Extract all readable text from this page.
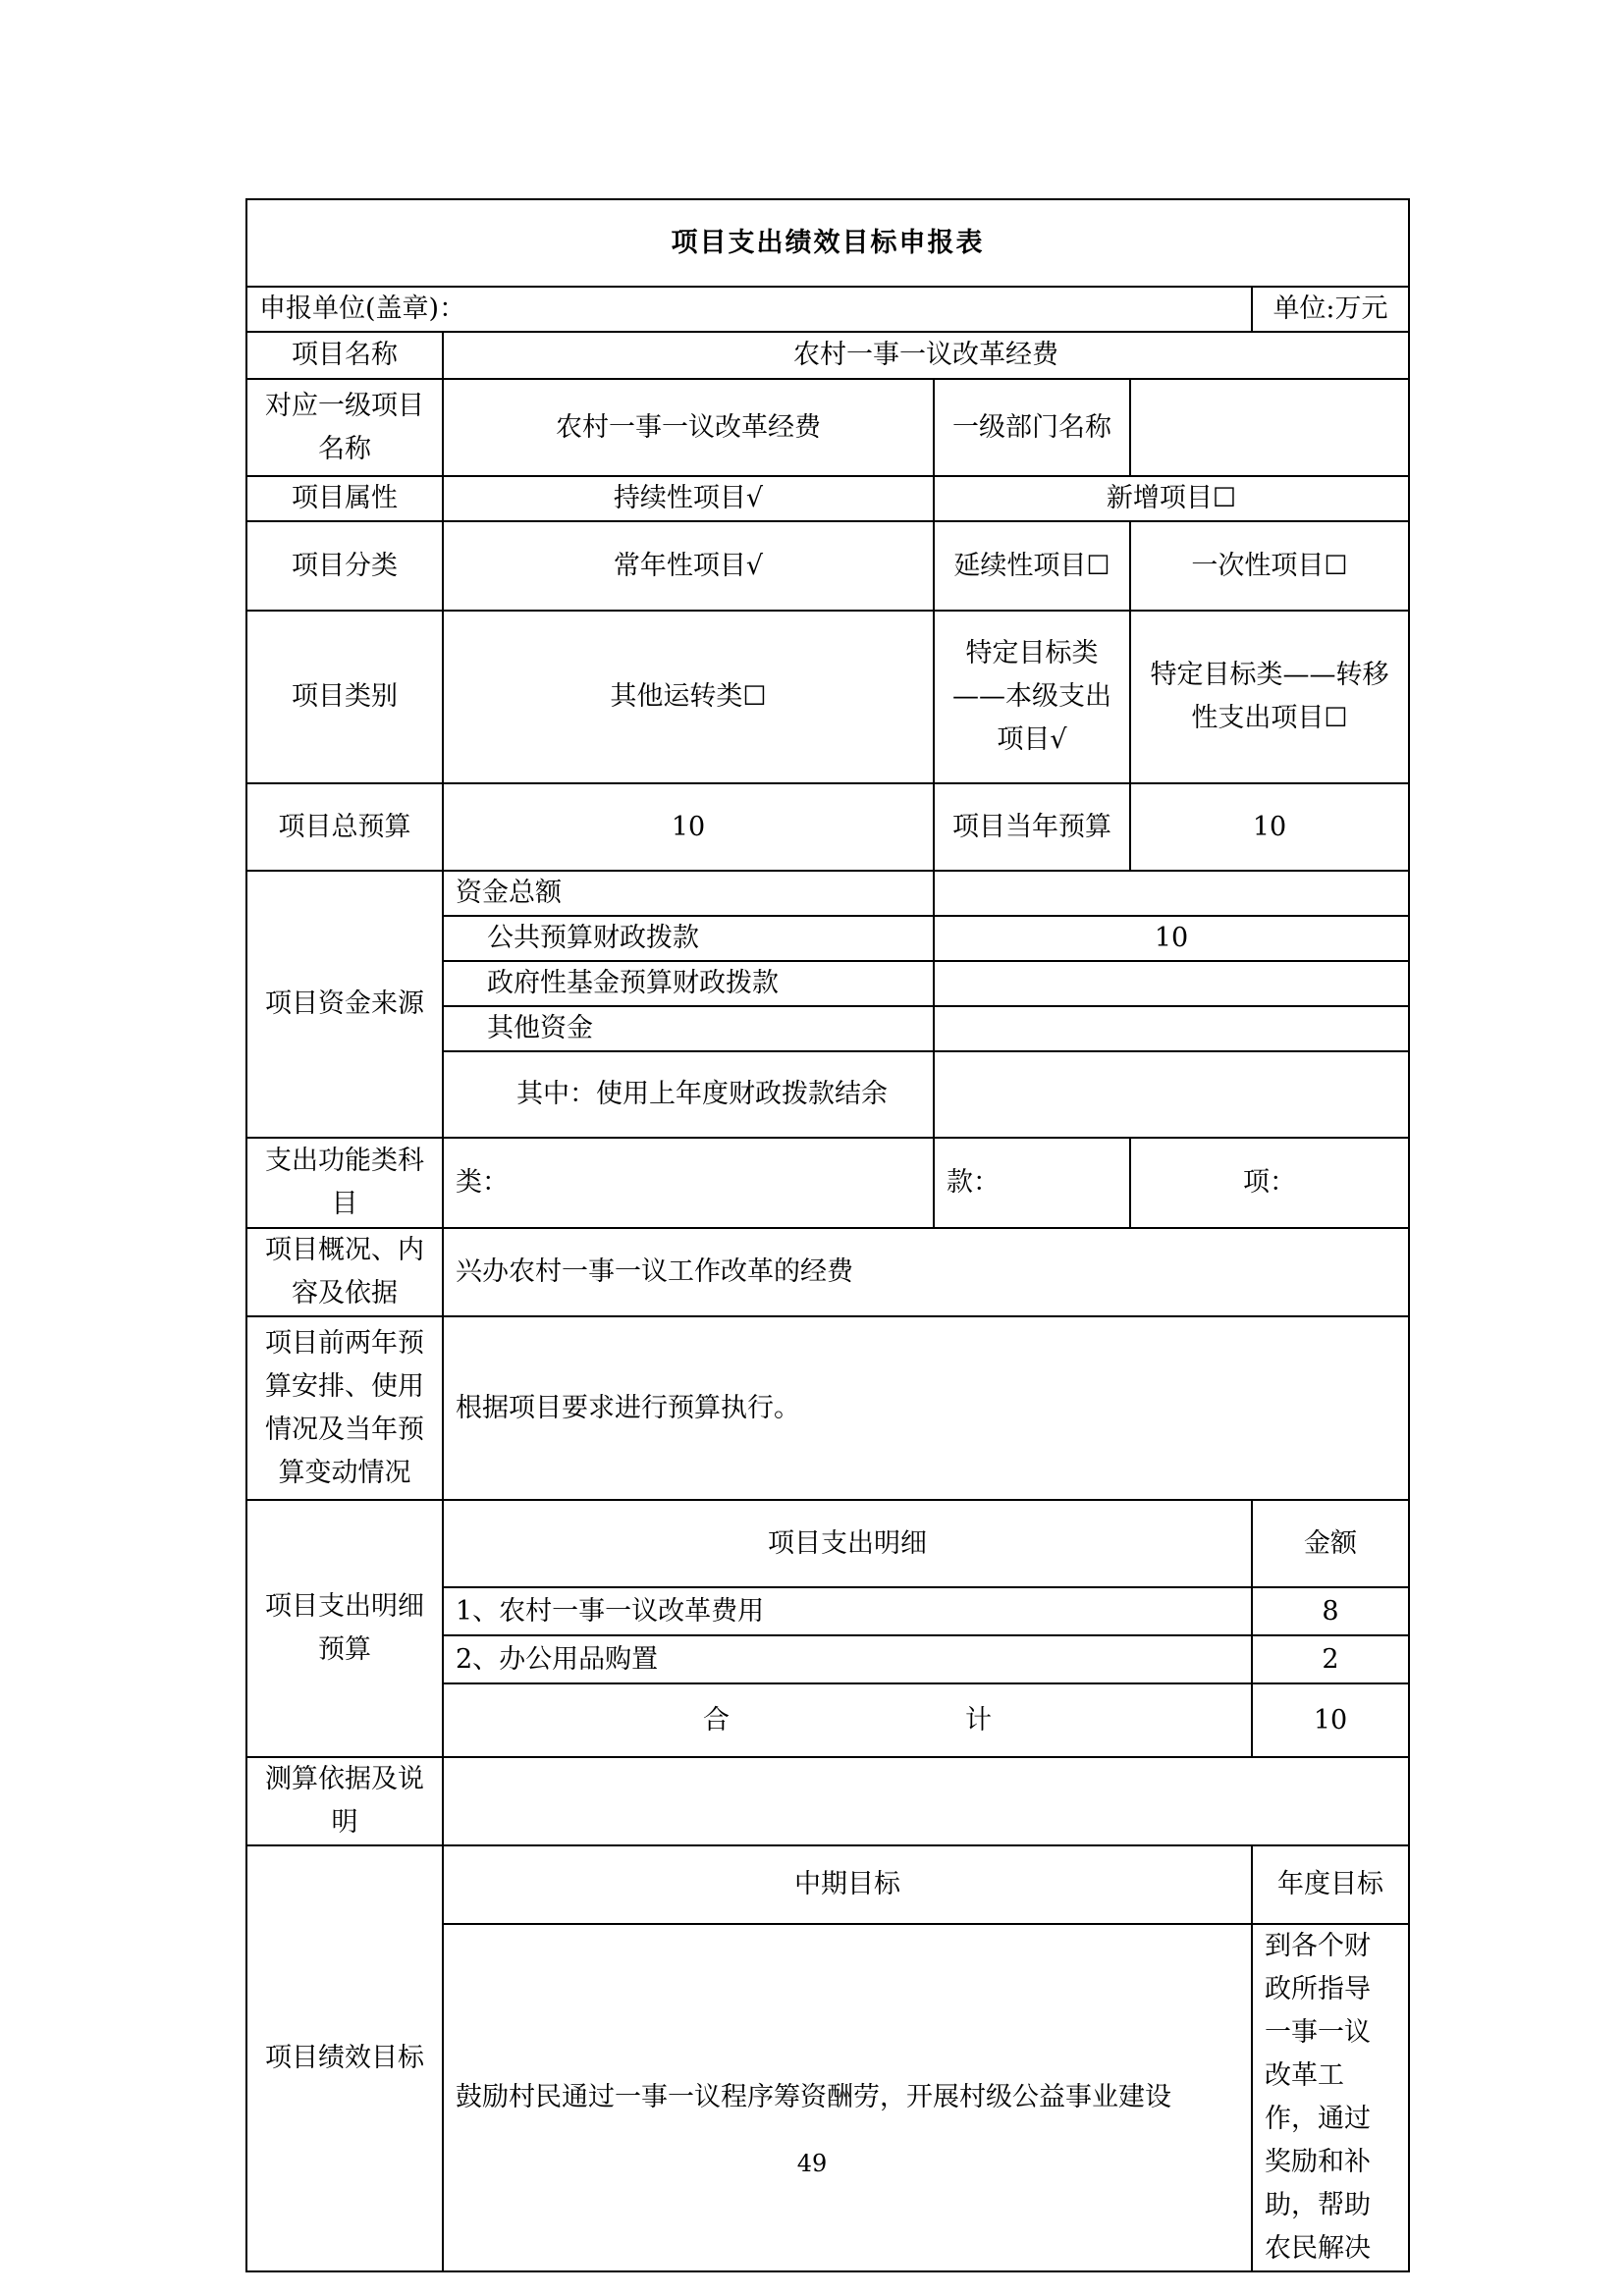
项目支出绩效目标申报表				
申报单位(盖章)：				单位:万元
项目名称	农村一事一议改革经费			
对应一级项目名称	农村一事一议改革经费	一级部门名称		
项目属性	持续性项目√	新增项目☐		
项目分类	常年性项目√	延续性项目☐	一次性项目☐	
项目类别	其他运转类☐	特定目标类——本级支出项目√	特定目标类——转移性支出项目☐	
项目总预算	10	项目当年预算	10	
项目资金来源	资金总额			
	公共预算财政拨款	10		
	政府性基金预算财政拨款			
	其他资金			
	其中：使用上年度财政拨款结余			
支出功能类科目	类：	款：	项：	
项目概况、内容及依据	兴办农村一事一议工作改革的经费			
项目前两年预算安排、使用情况及当年预算变动情况	根据项目要求进行预算执行。			
项目支出明细预算	项目支出明细			金额
	1、农村一事一议改革费用			8
	2、办公用品购置			2
	合 计			10
测算依据及说明				
项目绩效目标	中期目标			年度目标
	鼓励村民通过一事一议程序筹资酬劳，开展村级公益事业建设			到各个财政所指导一事一议改革工作，通过奖励和补助，帮助农民解决
49
